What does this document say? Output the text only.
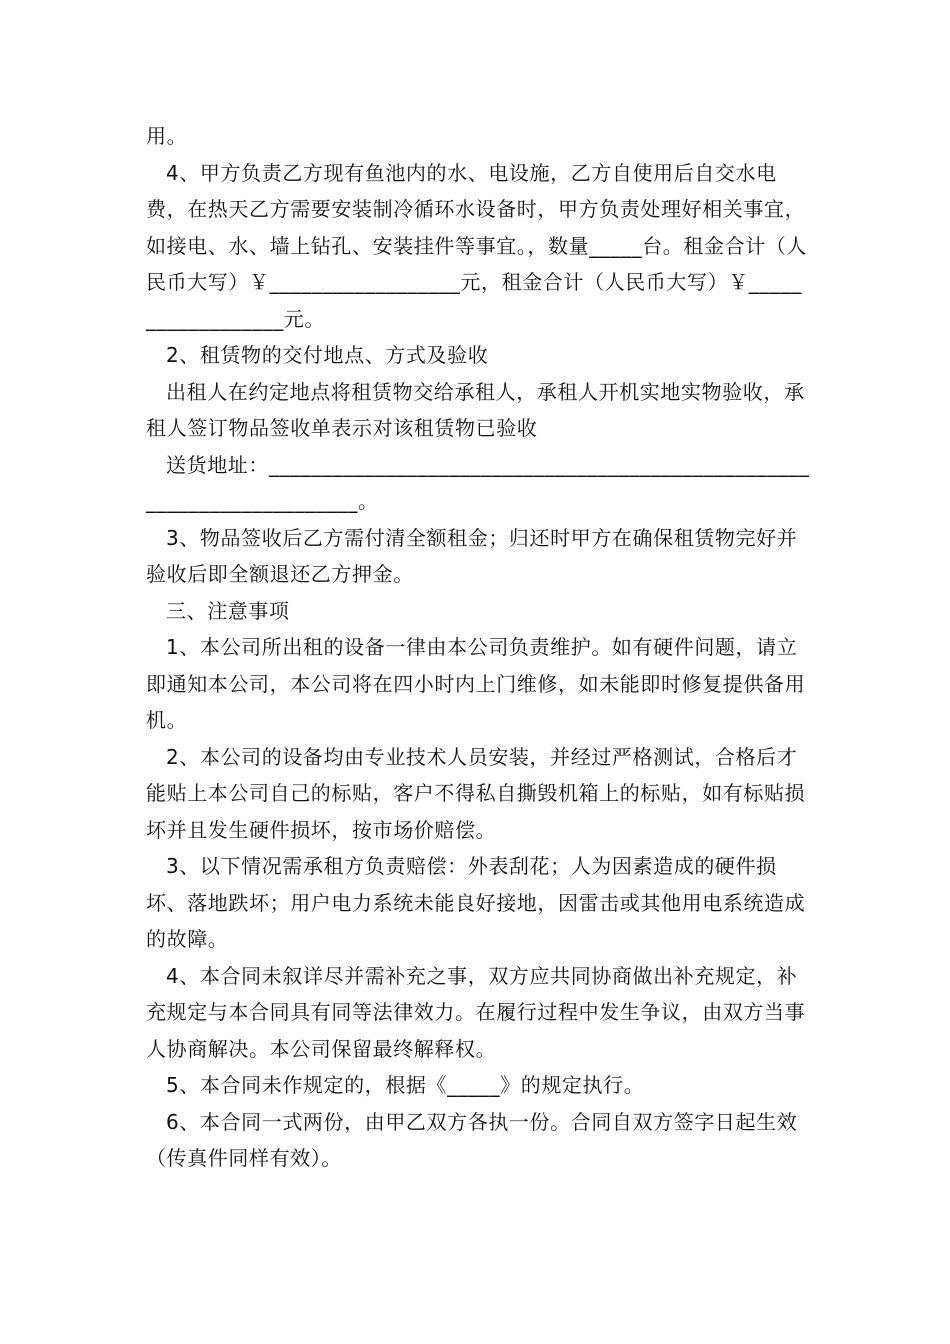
用。

4、甲方负责乙方现有鱼池内的水、电设施，乙方自使用后自交水电费，在热天乙方需要安装制冷循环水设备时，甲方负责处理好相关事宜，如接电、水、墙上钻孔、安装挂件等事宜。，数量_____台。租金合计（人民币大写）￥__________________元，租金合计（人民币大写）￥__________________元。

2、租赁物的交付地点、方式及验收

出租人在约定地点将租赁物交给承租人，承租人开机实地实物验收，承租人签订物品签收单表示对该租赁物已验收

送货地址：_______________________________________________________________________。

3、物品签收后乙方需付清全额租金；归还时甲方在确保租赁物完好并验收后即全额退还乙方押金。

三、注意事项

1、本公司所出租的设备一律由本公司负责维护。如有硬件问题，请立即通知本公司，本公司将在四小时内上门维修，如未能即时修复提供备用机。

2、本公司的设备均由专业技术人员安装，并经过严格测试，合格后才能贴上本公司自己的标贴，客户不得私自撕毁机箱上的标贴，如有标贴损坏并且发生硬件损坏，按市场价赔偿。

3、以下情况需承租方负责赔偿：外表刮花；人为因素造成的硬件损坏、落地跌坏；用户电力系统未能良好接地，因雷击或其他用电系统造成的故障。

4、本合同未叙详尽并需补充之事，双方应共同协商做出补充规定，补充规定与本合同具有同等法律效力。在履行过程中发生争议，由双方当事人协商解决。本公司保留最终解释权。

5、本合同未作规定的，根据《_____》的规定执行。

6、本合同一式两份，由甲乙双方各执一份。合同自双方签字日起生效（传真件同样有效）。
